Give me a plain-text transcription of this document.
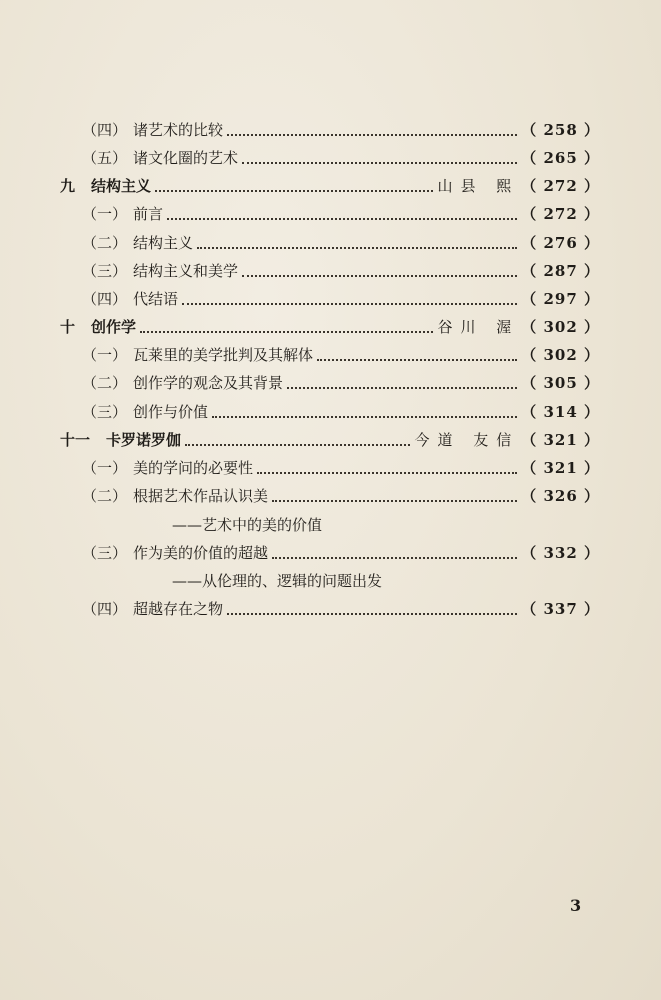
（四） 诸艺术的比较	（ 258 ）
（五） 诸文化圈的艺术	（ 265 ）
九 结构主义	山县 熙 （ 272 ）
（一） 前言	（ 272 ）
（二） 结构主义	（ 276 ）
（三） 结构主义和美学	（ 287 ）
（四） 代结语	（ 297 ）
十 创作学	谷川 渥 （ 302 ）
（一） 瓦莱里的美学批判及其解体	（ 302 ）
（二） 创作学的观念及其背景	（ 305 ）
（三） 创作与价值	（ 314 ）
十一 卡罗诺罗伽	今道 友信 （ 321 ）
（一） 美的学问的必要性	（ 321 ）
（二） 根据艺术作品认识美	（ 326 ）
——艺术中的美的价值
（三） 作为美的价值的超越	（ 332 ）
——从伦理的、逻辑的问题出发
（四） 超越存在之物	（ 337 ）
3
